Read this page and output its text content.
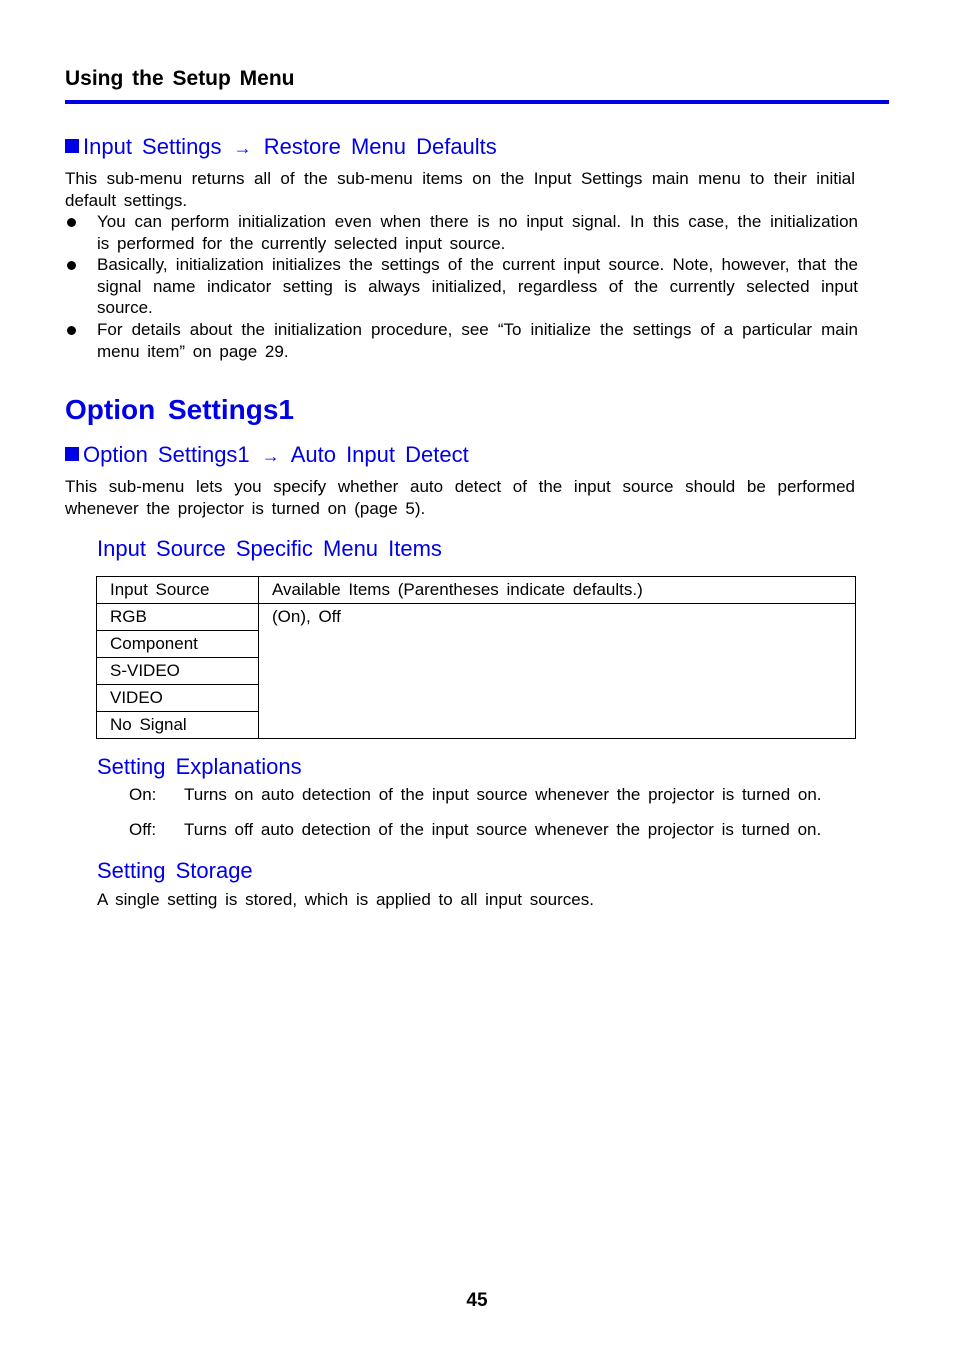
Using the Setup Menu
Input Settings → Restore Menu Defaults
This sub-menu returns all of the sub-menu items on the Input Settings main menu to their initial default settings.
You can perform initialization even when there is no input signal. In this case, the initialization is performed for the currently selected input source.
Basically, initialization initializes the settings of the current input source. Note, however, that the signal name indicator setting is always initialized, regardless of the currently selected input source.
For details about the initialization procedure, see “To initialize the settings of a particular main menu item” on page 29.
Option Settings1
Option Settings1 → Auto Input Detect
This sub-menu lets you specify whether auto detect of the input source should be performed whenever the projector is turned on (page 5).
Input Source Specific Menu Items
Input Source	Available Items (Parentheses indicate defaults.)
RGB	(On), Off
Component	
S-VIDEO	
VIDEO	
No Signal	
Setting Explanations
On: Turns on auto detection of the input source whenever the projector is turned on.
Off: Turns off auto detection of the input source whenever the projector is turned on.
Setting Storage
A single setting is stored, which is applied to all input sources.
45
